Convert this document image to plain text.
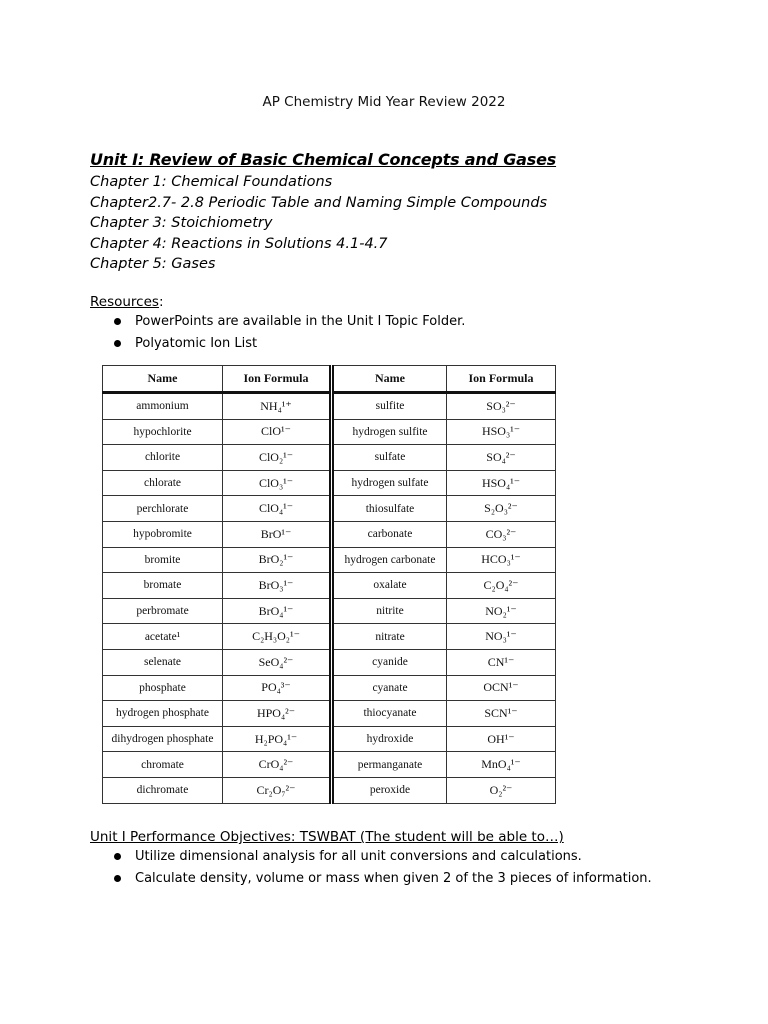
AP Chemistry Mid Year Review 2022
Unit I: Review of Basic Chemical Concepts and Gases
Chapter 1: Chemical Foundations
Chapter2.7- 2.8 Periodic Table and Naming Simple Compounds
Chapter 3: Stoichiometry
Chapter 4: Reactions in Solutions 4.1-4.7
Chapter 5: Gases
Resources:
PowerPoints are available in the Unit I Topic Folder.
Polyatomic Ion List
Name	Ion Formula	Name	Ion Formula
ammonium	NH₄¹⁺	sulfite	SO₃²⁻
hypochlorite	ClO¹⁻	hydrogen sulfite	HSO₃¹⁻
chlorite	ClO₂¹⁻	sulfate	SO₄²⁻
chlorate	ClO₃¹⁻	hydrogen sulfate	HSO₄¹⁻
perchlorate	ClO₄¹⁻	thiosulfate	S₂O₃²⁻
hypobromite	BrO¹⁻	carbonate	CO₃²⁻
bromite	BrO₂¹⁻	hydrogen carbonate	HCO₃¹⁻
bromate	BrO₃¹⁻	oxalate	C₂O₄²⁻
perbromate	BrO₄¹⁻	nitrite	NO₂¹⁻
acetate¹	C₂H₃O₂¹⁻	nitrate	NO₃¹⁻
selenate	SeO₄²⁻	cyanide	CN¹⁻
phosphate	PO₄³⁻	cyanate	OCN¹⁻
hydrogen phosphate	HPO₄²⁻	thiocyanate	SCN¹⁻
dihydrogen phosphate	H₂PO₄¹⁻	hydroxide	OH¹⁻
chromate	CrO₄²⁻	permanganate	MnO₄¹⁻
dichromate	Cr₂O₇²⁻	peroxide	O₂²⁻
Unit I Performance Objectives: TSWBAT (The student will be able to…)
Utilize dimensional analysis for all unit conversions and calculations.
Calculate density, volume or mass when given 2 of the 3 pieces of information.
